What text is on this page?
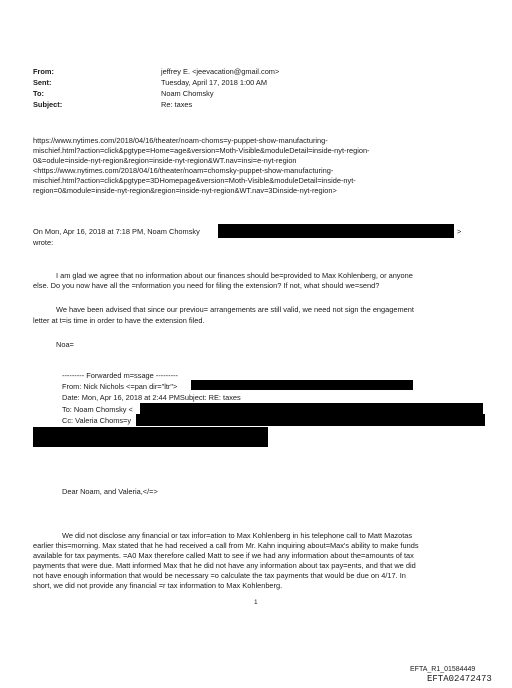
From:	jeffrey E. <jeevacation@gmail.com>
Sent:	Tuesday, April 17, 2018 1:00 AM
To:	Noam Chomsky
Subject:	Re: taxes
https://www.nytimes.com/2018/04/16/theater/noam-choms=y-puppet-show-manufacturing-
mischief.html?action=click&pgtype=Home=age&version=Moth-Visible&moduleDetail=inside-nyt-region-
0&=odule=inside-nyt-region&region=inside-nyt-region&WT.nav=insi=e-nyt-region
<https://www.nytimes.com/2018/04/16/theater/noam=chomsky-puppet-show-manufacturing-
mischief.html?action=click&pgtype=3DHomepage&version=Moth-Visible&moduleDetail=inside-nyt-
region=0&module=inside-nyt-region&region=inside-nyt-region&WT.nav=3Dinside-nyt-region>
On Mon, Apr 16, 2018 at 7:18 PM, Noam Chomsky	>
wrote:
I am glad we agree that no information about our finances should be=provided to Max Kohlenberg, or anyone
else. Do you now have all the =nformation you need for filing the extension? If not, what should we=send?
We have been advised that since our previou= arrangements are still valid, we need not sign the engagement
letter at t=is time in order to have the extension filed.
Noa=
--------- Forwarded m=ssage ---------
From: Nick Nichols <=pan dir="ltr">
Date: Mon, Apr 16, 2018 at 2:44 PMSubject: RE: taxes
To: Noam Chomsky <
Cc: Valeria Choms=y
Dear Noam, and Valeria,</=>
We did not disclose any financial or tax infor=ation to Max Kohlenberg in his telephone call to Matt Mazotas
earlier this=morning. Max stated that he had received a call from Mr. Kahn inquiring about=Max's ability to make funds
available for tax payments. =A0 Max therefore called Matt to see if we had any information about the=amounts of tax
payments that were due. Matt informed Max that he did not have any information about tax pay=ents, and that we did
not have enough information that would be necessary =o calculate the tax payments that would be due on 4/17. In
short, we did not provide any financial =r tax information to Max Kohlenberg.
1
EFTA_R1_01584449
EFTA02472473
